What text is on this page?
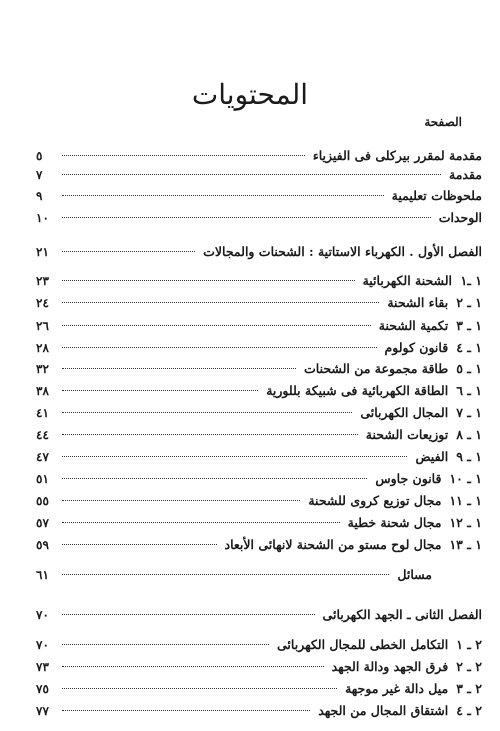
المحتويات
الصفحة
مقدمة لمقرر بيركلى فى الفيزياء
٥
مقدمة
٧
ملحوظات تعليمية
٩
الوحدات
١٠
الفصل الأول . الكهرباء الاستاتية : الشحنات والمجالات
٢١
١ ـ١
الشحنة الكهربائية
٢٣
١ ـ ٢
بقاء الشحنة
٢٤
١ ـ ٣
تكمية الشحنة
٢٦
١ ـ ٤
قانون كولوم
٢٨
١ ـ ٥
طاقة مجموعة من الشحنات
٣٢
١ ـ ٦
الطاقة الكهربائية فى شبيكة بللورية
٣٨
١ ـ ٧
المجال الكهربائى
٤١
١ ـ ٨
توزيعات الشحنة
٤٤
١ ـ ٩
الفيض
٤٧
١ ـ ١٠
قانون جاوس
٥١
١ ـ ١١
مجال توزيع كروى للشحنة
٥٥
١ ـ ١٢
مجال شحنة خطية
٥٧
١ ـ ١٣
مجال لوح مستو من الشحنة لانهائى الأبعاد
٥٩
مسائل
٦١
الفصل الثانى ـ الجهد الكهربائى
٧٠
٢ ـ ١
التكامل الخطى للمجال الكهربائى
٧٠
٢ ـ ٢
فرق الجهد ودالة الجهد
٧٣
٢ ـ ٣
ميل دالة غير موجهة
٧٥
٢ ـ ٤
اشتقاق المجال من الجهد
٧٧
